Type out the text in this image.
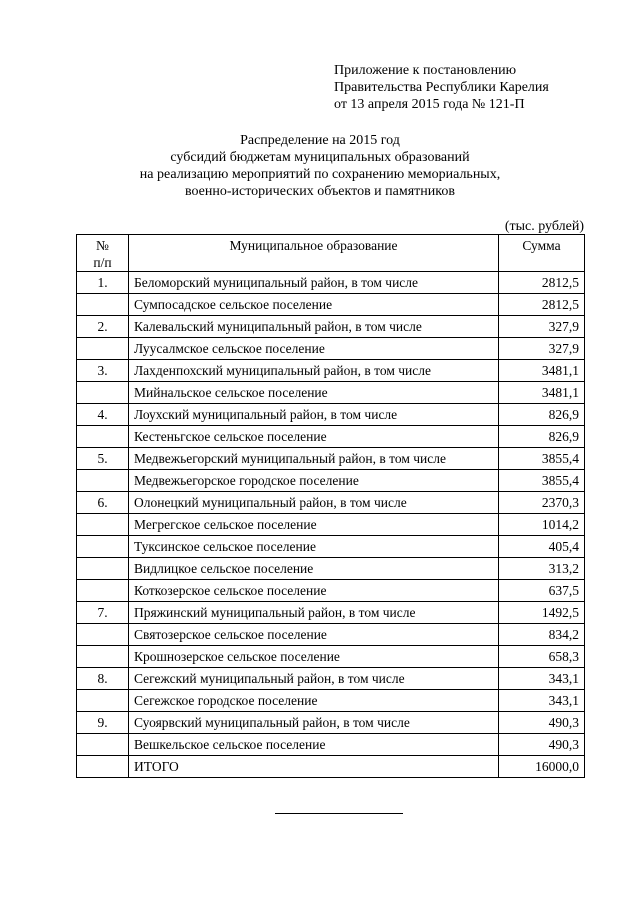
Приложение к постановлению
Правительства Республики Карелия
от 13 апреля 2015 года № 121-П
Распределение на 2015 год
субсидий бюджетам муниципальных образований
на реализацию мероприятий по сохранению мемориальных,
военно-исторических объектов и памятников
(тыс. рублей)
№
п/п	Муниципальное образование	Сумма
1.	Беломорский муниципальный район, в том числе	2812,5
	Сумпосадское сельское поселение	2812,5
2.	Калевальский муниципальный район, в том числе	327,9
	Луусалмское сельское поселение	327,9
3.	Лахденпохский муниципальный район, в том числе	3481,1
	Мийнальское сельское поселение	3481,1
4.	Лоухский муниципальный район, в том числе	826,9
	Кестеньгское сельское поселение	826,9
5.	Медвежьегорский муниципальный район, в том числе	3855,4
	Медвежьегорское городское поселение	3855,4
6.	Олонецкий муниципальный район, в том числе	2370,3
	Мегрегское сельское поселение	1014,2
	Туксинское сельское поселение	405,4
	Видлицкое сельское поселение	313,2
	Коткозерское сельское поселение	637,5
7.	Пряжинский муниципальный район, в том числе	1492,5
	Святозерское сельское поселение	834,2
	Крошнозерское сельское поселение	658,3
8.	Сегежский муниципальный район, в том числе	343,1
	Сегежское городское поселение	343,1
9.	Суоярвский муниципальный район, в том числе	490,3
	Вешкельское сельское поселение	490,3
	ИТОГО	16000,0
